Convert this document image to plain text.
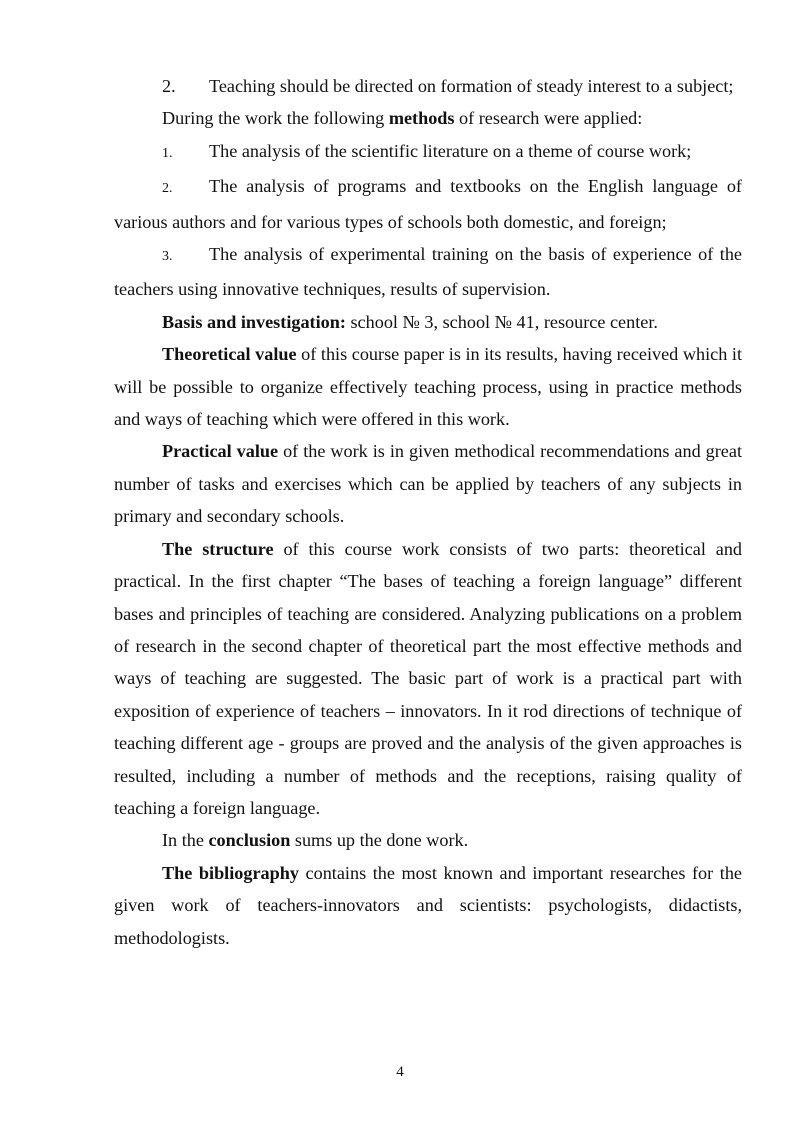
2. Teaching should be directed on formation of steady interest to a subject;

During the work the following methods of research were applied:

1. The analysis of the scientific literature on a theme of course work;

2. The analysis of programs and textbooks on the English language of various authors and for various types of schools both domestic, and foreign;

3. The analysis of experimental training on the basis of experience of the teachers using innovative techniques, results of supervision.

Basis and investigation: school № 3, school № 41, resource center.

Theoretical value of this course paper is in its results, having received which it will be possible to organize effectively teaching process, using in practice methods and ways of teaching which were offered in this work.

Practical value of the work is in given methodical recommendations and great number of tasks and exercises which can be applied by teachers of any subjects in primary and secondary schools.

The structure of this course work consists of two parts: theoretical and practical. In the first chapter “The bases of teaching a foreign language” different bases and principles of teaching are considered. Analyzing publications on a problem of research in the second chapter of theoretical part the most effective methods and ways of teaching are suggested. The basic part of work is a practical part with exposition of experience of teachers – innovators. In it rod directions of technique of teaching different age - groups are proved and the analysis of the given approaches is resulted, including a number of methods and the receptions, raising quality of teaching a foreign language.

In the conclusion sums up the done work.

The bibliography contains the most known and important researches for the given work of teachers-innovators and scientists: psychologists, didactists, methodologists.

4
